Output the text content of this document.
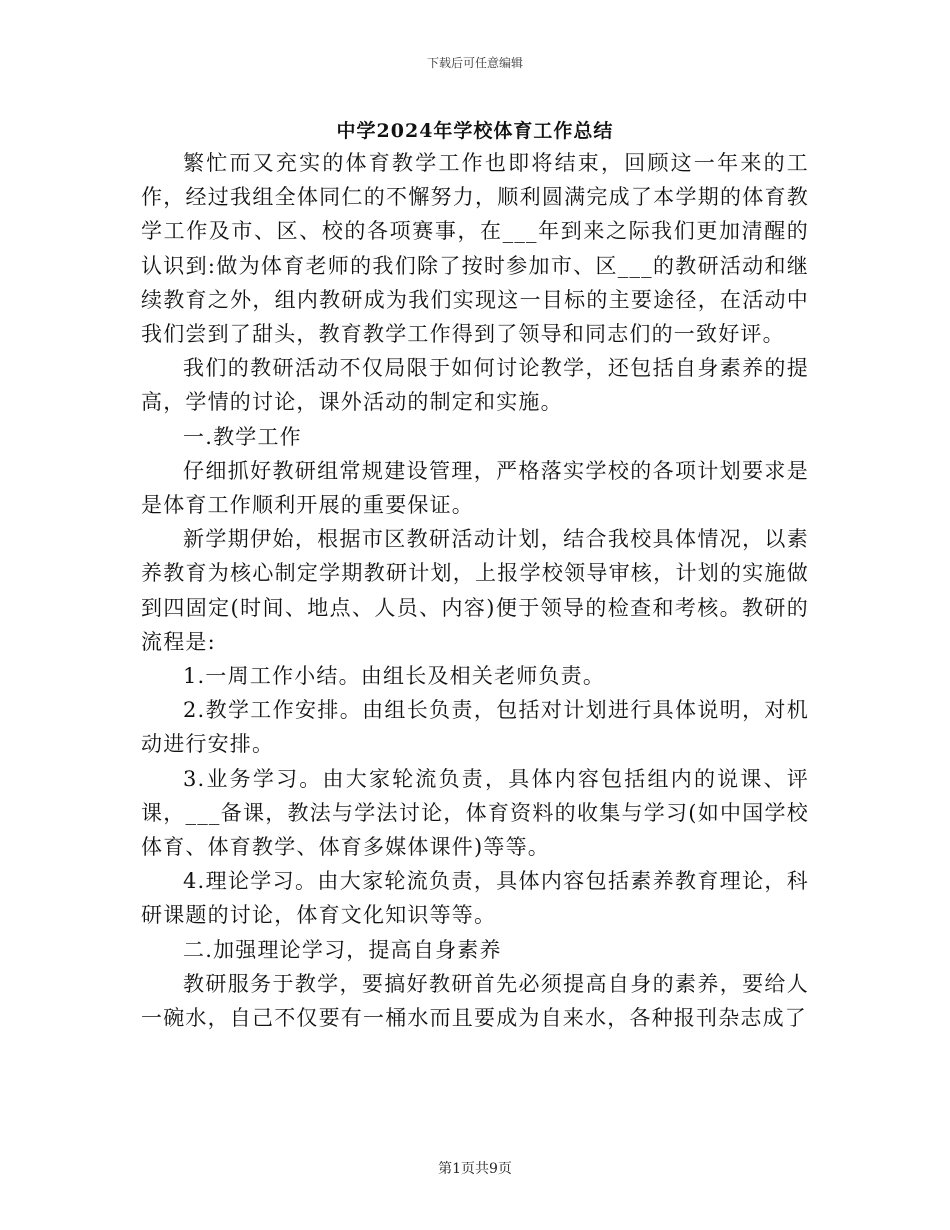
下载后可任意编辑
中学2024年学校体育工作总结

繁忙而又充实的体育教学工作也即将结束，回顾这一年来的工作，经过我组全体同仁的不懈努力，顺利圆满完成了本学期的体育教学工作及市、区、校的各项赛事，在___年到来之际我们更加清醒的认识到:做为体育老师的我们除了按时参加市、区___的教研活动和继续教育之外，组内教研成为我们实现这一目标的主要途径，在活动中我们尝到了甜头，教育教学工作得到了领导和同志们的一致好评。

我们的教研活动不仅局限于如何讨论教学，还包括自身素养的提高，学情的讨论，课外活动的制定和实施。

一.教学工作

仔细抓好教研组常规建设管理，严格落实学校的各项计划要求是是体育工作顺利开展的重要保证。

新学期伊始，根据市区教研活动计划，结合我校具体情况，以素养教育为核心制定学期教研计划，上报学校领导审核，计划的实施做到四固定(时间、地点、人员、内容)便于领导的检查和考核。教研的流程是:

1.一周工作小结。由组长及相关老师负责。

2.教学工作安排。由组长负责，包括对计划进行具体说明，对机动进行安排。

3.业务学习。由大家轮流负责，具体内容包括组内的说课、评课，___备课，教法与学法讨论，体育资料的收集与学习(如中国学校体育、体育教学、体育多媒体课件)等等。

4.理论学习。由大家轮流负责，具体内容包括素养教育理论，科研课题的讨论，体育文化知识等等。

二.加强理论学习，提高自身素养

教研服务于教学，要搞好教研首先必须提高自身的素养，要给人一碗水，自己不仅要有一桶水而且要成为自来水，各种报刊杂志成了

第1页共9页
